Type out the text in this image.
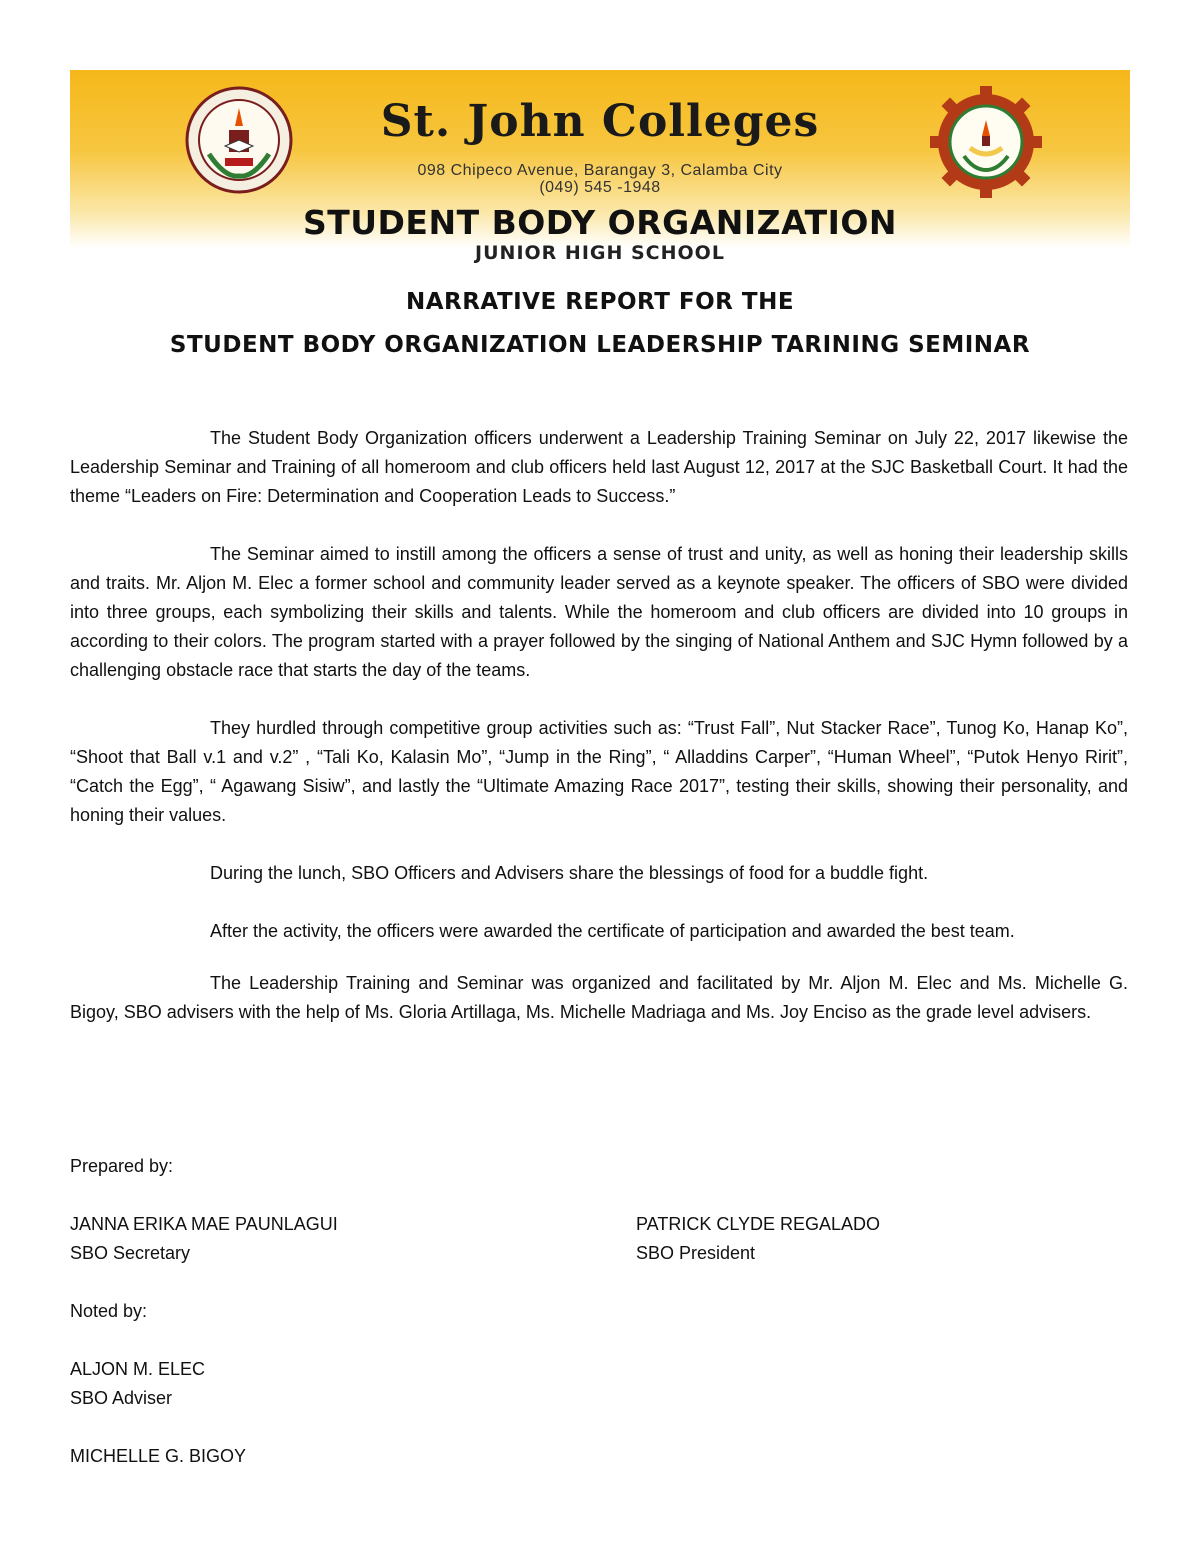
St. John Colleges
098 Chipeco Avenue, Barangay 3, Calamba City
(049) 545 -1948
STUDENT BODY ORGANIZATION
JUNIOR HIGH SCHOOL
NARRATIVE REPORT FOR THE
STUDENT BODY ORGANIZATION LEADERSHIP TARINING SEMINAR

The Student Body Organization officers underwent a Leadership Training Seminar on July 22, 2017 likewise the Leadership Seminar and Training of all homeroom and club officers held last August 12, 2017 at the SJC Basketball Court. It had the theme “Leaders on Fire: Determination and Cooperation Leads to Success.”

The Seminar aimed to instill among the officers a sense of trust and unity, as well as honing their leadership skills and traits. Mr. Aljon M. Elec a former school and community leader served as a keynote speaker. The officers of SBO were divided into three groups, each symbolizing their skills and talents. While the homeroom and club officers are divided into 10 groups in according to their colors. The program started with a prayer followed by the singing of National Anthem and SJC Hymn followed by a challenging obstacle race that starts the day of the teams.

They hurdled through competitive group activities such as: “Trust Fall”, Nut Stacker Race”, Tunog Ko, Hanap Ko”, “Shoot that Ball v.1 and v.2” , “Tali Ko, Kalasin Mo”, “Jump in the Ring”, “ Alladdins Carper”, “Human Wheel”, “Putok Henyo Ririt”, “Catch the Egg”, “ Agawang Sisiw”, and lastly the “Ultimate Amazing Race 2017”, testing their skills, showing their personality, and honing their values.

During the lunch, SBO Officers and Advisers share the blessings of food for a buddle fight.

After the activity, the officers were awarded the certificate of participation and awarded the best team.

The Leadership Training and Seminar was organized and facilitated by Mr. Aljon M. Elec and Ms. Michelle G. Bigoy, SBO advisers with the help of Ms. Gloria Artillaga, Ms. Michelle Madriaga and Ms. Joy Enciso as the grade level advisers.

Prepared by:
JANNA ERIKA MAE PAUNLAGUI
SBO Secretary
PATRICK CLYDE REGALADO
SBO President
Noted by:
ALJON M. ELEC
SBO Adviser
MICHELLE G. BIGOY
